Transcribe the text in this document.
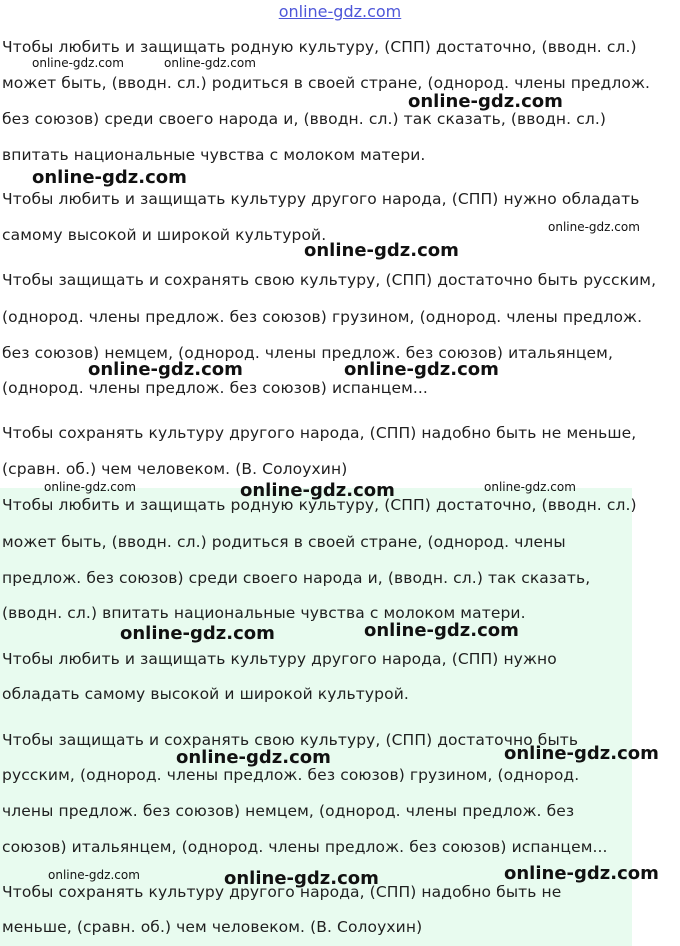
online-gdz.com
Чтобы любить и защищать родную культуру, (СПП) достаточно, (вводн. сл.)
может быть, (вводн. сл.) родиться в своей стране, (однород. члены предлож.
без союзов) среди своего народа и, (вводн. сл.) так сказать, (вводн. сл.)
впитать национальные чувства с молоком матери.
Чтобы любить и защищать культуру другого народа, (СПП) нужно обладать
самому высокой и широкой культурой.
Чтобы защищать и сохранять свою культуру, (СПП) достаточно быть русским,
(однород. члены предлож. без союзов) грузином, (однород. члены предлож.
без союзов) немцем, (однород. члены предлож. без союзов) итальянцем,
(однород. члены предлож. без союзов) испанцем...
Чтобы сохранять культуру другого народа, (СПП) надобно быть не меньше,
(сравн. об.) чем человеком. (В. Солоухин)
Чтобы любить и защищать родную культуру, (СПП) достаточно, (вводн. сл.)
может быть, (вводн. сл.) родиться в своей стране, (однород. члены
предлож. без союзов) среди своего народа и, (вводн. сл.) так сказать,
(вводн. сл.) впитать национальные чувства с молоком матери.
Чтобы любить и защищать культуру другого народа, (СПП) нужно
обладать самому высокой и широкой культурой.
Чтобы защищать и сохранять свою культуру, (СПП) достаточно быть
русским, (однород. члены предлож. без союзов) грузином, (однород.
члены предлож. без союзов) немцем, (однород. члены предлож. без
союзов) итальянцем, (однород. члены предлож. без союзов) испанцем...
Чтобы сохранять культуру другого народа, (СПП) надобно быть не
меньше, (сравн. об.) чем человеком. (В. Солоухин)
online-gdz.com	online-gdz.com
online-gdz.com
online-gdz.com
online-gdz.com
online-gdz.com
online-gdz.com	online-gdz.com
online-gdz.com	online-gdz.com	online-gdz.com
online-gdz.com	online-gdz.com
online-gdz.com	online-gdz.com
online-gdz.com	online-gdz.com	online-gdz.com
